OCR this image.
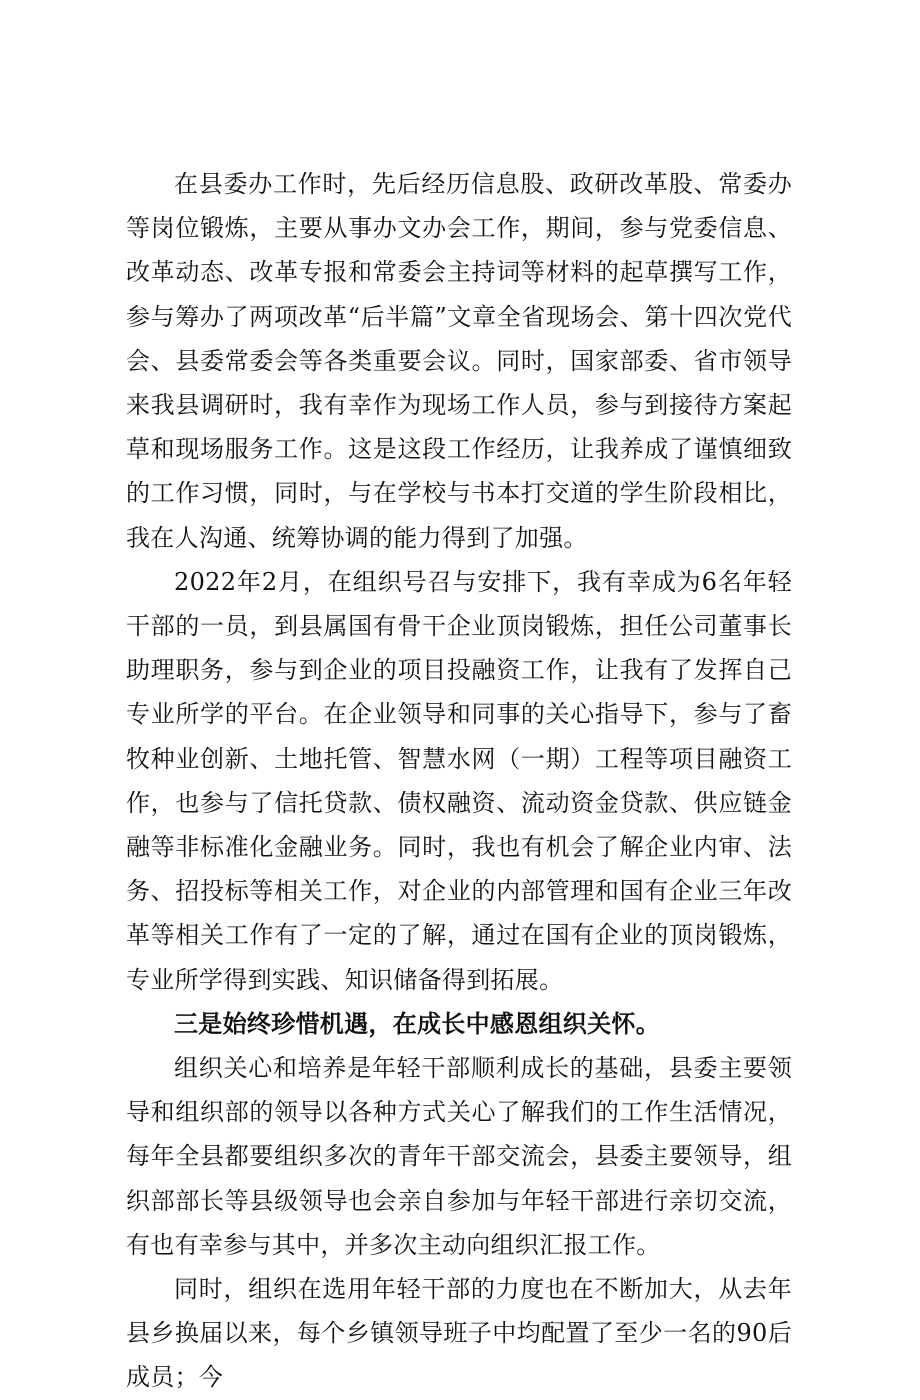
在县委办工作时，先后经历信息股、政研改革股、常委办等岗位锻炼，主要从事办文办会工作，期间，参与党委信息、改革动态、改革专报和常委会主持词等材料的起草撰写工作，参与筹办了两项改革“后半篇”文章全省现场会、第十四次党代会、县委常委会等各类重要会议。同时，国家部委、省市领导来我县调研时，我有幸作为现场工作人员，参与到接待方案起草和现场服务工作。这是这段工作经历，让我养成了谨慎细致的工作习惯，同时，与在学校与书本打交道的学生阶段相比，我在人沟通、统筹协调的能力得到了加强。

2022年2月，在组织号召与安排下，我有幸成为6名年轻干部的一员，到县属国有骨干企业顶岗锻炼，担任公司董事长助理职务，参与到企业的项目投融资工作，让我有了发挥自己专业所学的平台。在企业领导和同事的关心指导下，参与了畜牧种业创新、土地托管、智慧水网（一期）工程等项目融资工作，也参与了信托贷款、债权融资、流动资金贷款、供应链金融等非标准化金融业务。同时，我也有机会了解企业内审、法务、招投标等相关工作，对企业的内部管理和国有企业三年改革等相关工作有了一定的了解，通过在国有企业的顶岗锻炼，专业所学得到实践、知识储备得到拓展。

三是始终珍惜机遇，在成长中感恩组织关怀。

组织关心和培养是年轻干部顺利成长的基础，县委主要领导和组织部的领导以各种方式关心了解我们的工作生活情况，每年全县都要组织多次的青年干部交流会，县委主要领导，组织部部长等县级领导也会亲自参加与年轻干部进行亲切交流，有也有幸参与其中，并多次主动向组织汇报工作。

同时，组织在选用年轻干部的力度也在不断加大，从去年县乡换届以来，每个乡镇领导班子中均配置了至少一名的90后成员；今
